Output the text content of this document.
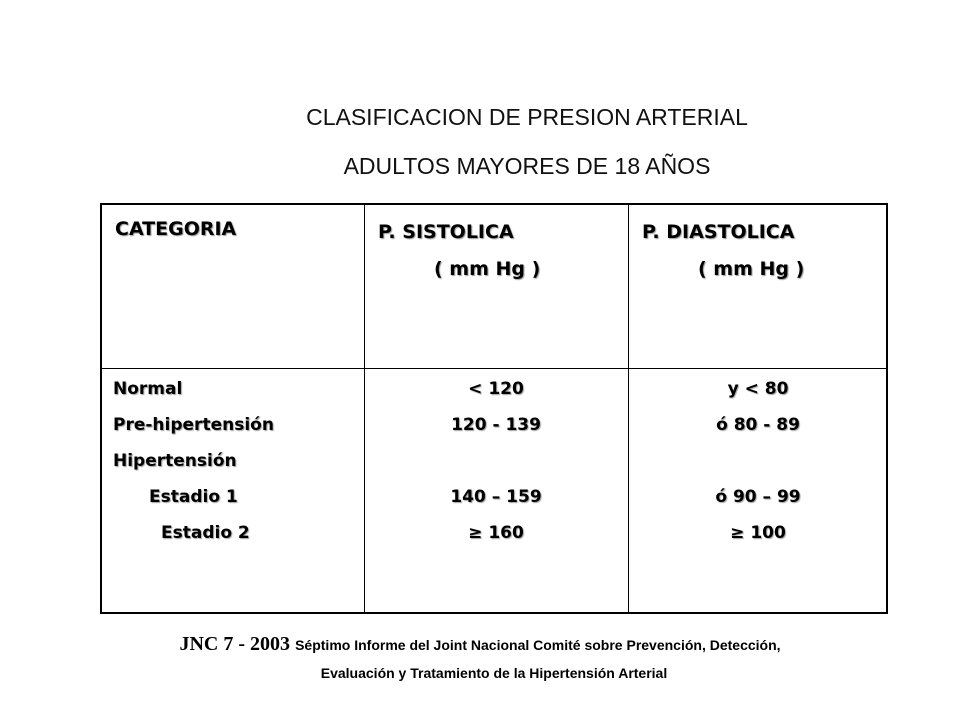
CLASIFICACION DE PRESION ARTERIAL
ADULTOS MAYORES DE 18 AÑOS
CATEGORIA	P. SISTOLICA
( mm Hg )
P. DIASTOLICA
( mm Hg )
Normal
Pre-hipertensión
Hipertensión
Estadio 1
Estadio 2
< 120
120 - 139
140 – 159
≥ 160
y < 80
ó 80 - 89
ó 90 – 99
≥ 100
JNC 7 - 2003 Séptimo Informe del Joint Nacional Comité sobre Prevención, Detección,
Evaluación y Tratamiento de la Hipertensión Arterial
